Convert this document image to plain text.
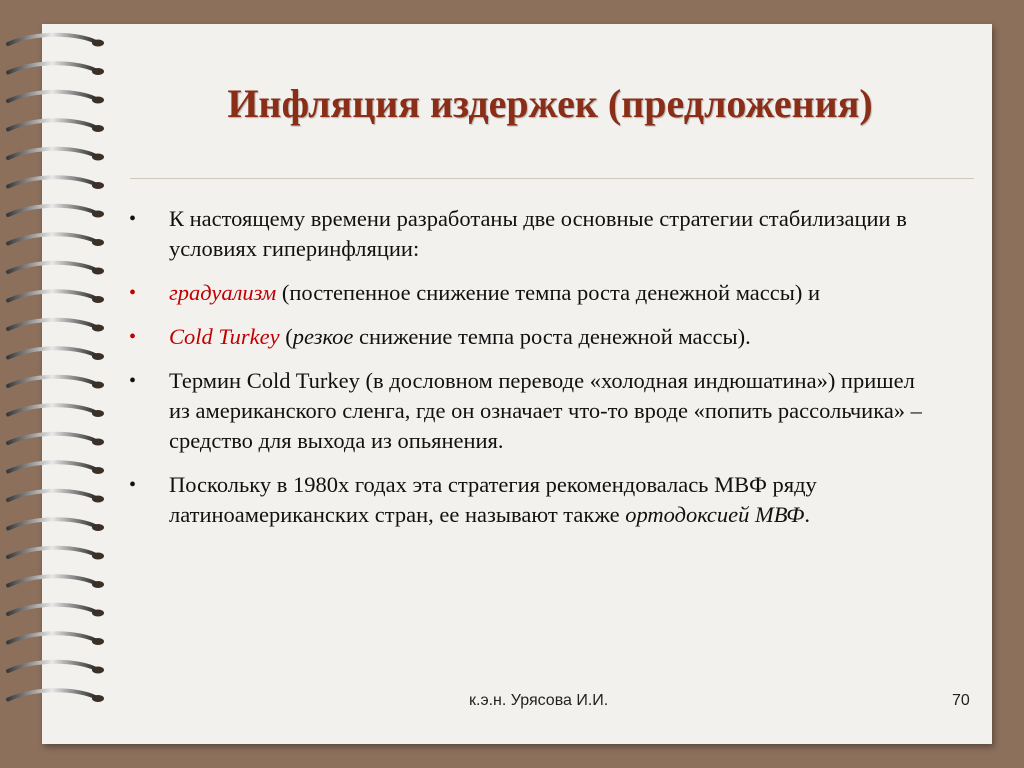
Инфляция издержек (предложения)
• К настоящему времени разработаны две основные стратегии стабилизации в условиях гиперинфляции:
• градуализм (постепенное снижение темпа роста денежной массы) и
• Cold Turkey (резкое снижение темпа роста денежной массы).
• Термин Cold Turkey (в дословном переводе «холодная индюшатина») пришел из американского сленга, где он означает что-то вроде «попить рассольчика» – средство для выхода из опьянения.
• Поскольку в 1980х годах эта стратегия рекомендовалась МВФ ряду латиноамериканских стран, ее называют также ортодоксией МВФ.
к.э.н. Урясова И.И.	70
